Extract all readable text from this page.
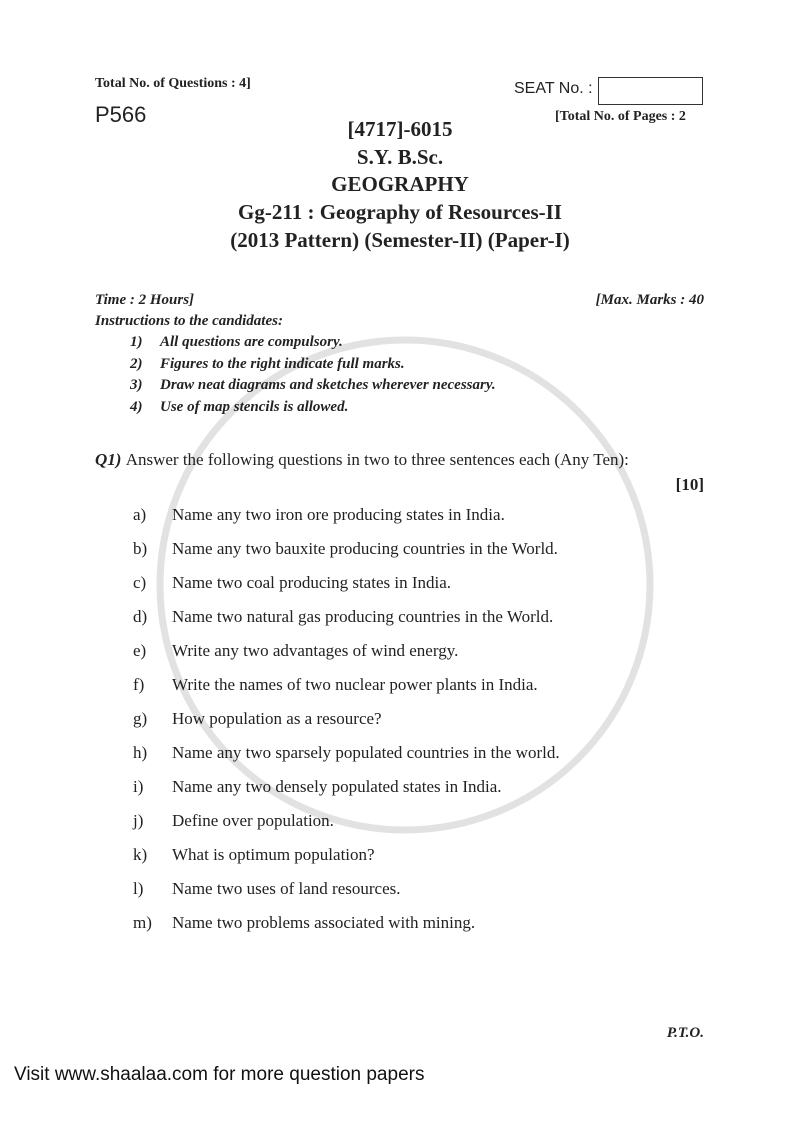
Total No. of Questions : 4]
P566
SEAT No. :
[Total No. of Pages : 2
[4717]-6015
S.Y. B.Sc.
GEOGRAPHY
Gg-211 : Geography of Resources-II
(2013 Pattern) (Semester-II) (Paper-I)
Time : 2 Hours]	[Max. Marks : 40
Instructions to the candidates:
1) All questions are compulsory.
2) Figures to the right indicate full marks.
3) Draw neat diagrams and sketches wherever necessary.
4) Use of map stencils is allowed.
Q1) Answer the following questions in two to three sentences each (Any Ten):
[10]
a) Name any two iron ore producing states in India.
b) Name any two bauxite producing countries in the World.
c) Name two coal producing states in India.
d) Name two natural gas producing countries in the World.
e) Write any two advantages of wind energy.
f) Write the names of two nuclear power plants in India.
g) How population as a resource?
h) Name any two sparsely populated countries in the world.
i) Name any two densely populated states in India.
j) Define over population.
k) What is optimum population?
l) Name two uses of land resources.
m) Name two problems associated with mining.
P.T.O.
Visit www.shaalaa.com for more question papers
